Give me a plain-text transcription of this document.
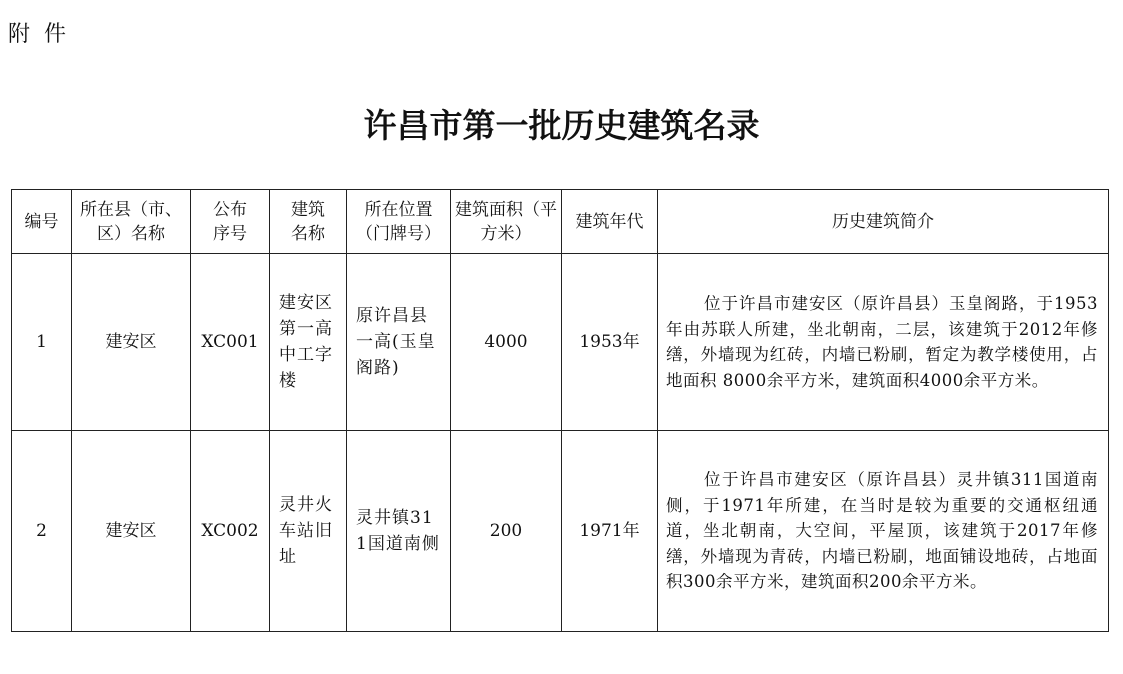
附件
许昌市第一批历史建筑名录
编号	所在县（市、区）名称	公布序号	建筑名称	所在位置（门牌号）	建筑面积（平方米）	建筑年代	历史建筑简介

1	建安区	XC001	建安区第一高中工字楼	原许昌县一高(玉皇阁路)	4000	1953年	位于许昌市建安区（原许昌县）玉皇阁路，于1953年由苏联人所建，坐北朝南，二层，该建筑于2012年修缮，外墙现为红砖，内墙已粉刷，暂定为教学楼使用，占地面积 8000余平方米，建筑面积4000余平方米。

2	建安区	XC002	灵井火车站旧址	灵井镇311国道南侧	200	1971年	位于许昌市建安区（原许昌县）灵井镇311国道南侧，于1971年所建，在当时是较为重要的交通枢纽通道，坐北朝南，大空间，平屋顶，该建筑于2017年修缮，外墙现为青砖，内墙已粉刷，地面铺设地砖，占地面积300余平方米，建筑面积200余平方米。
